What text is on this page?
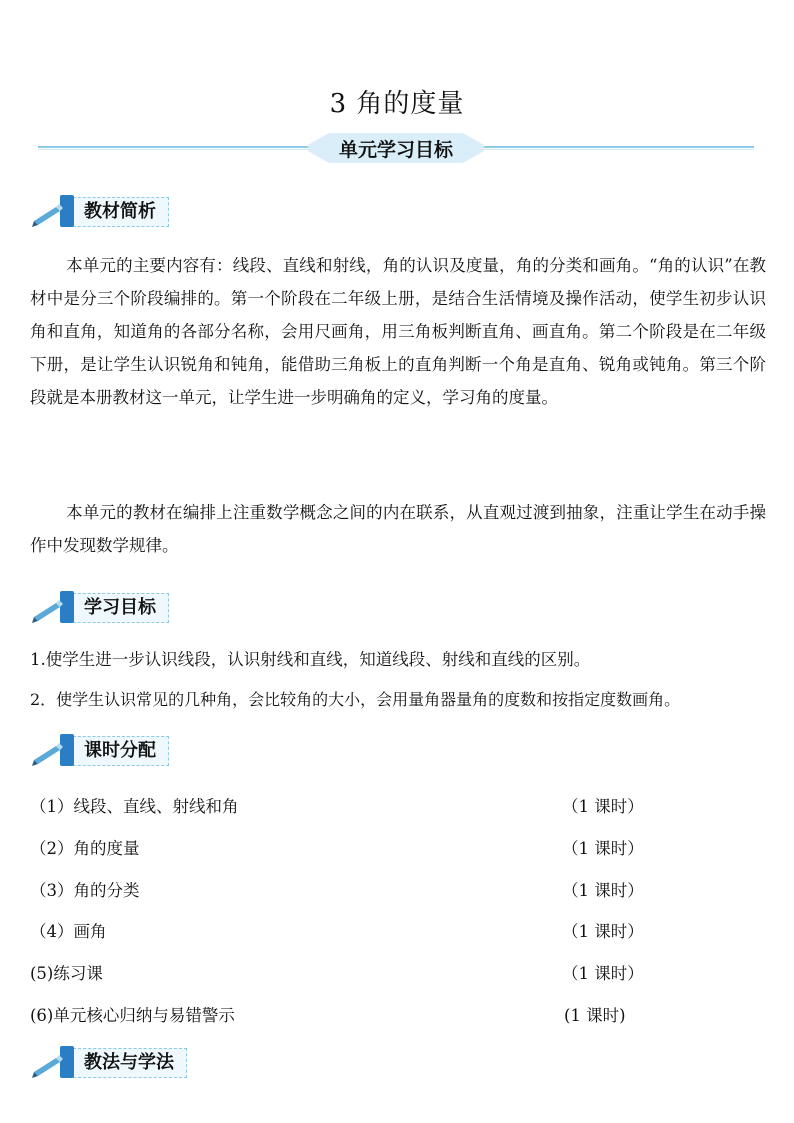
3 角的度量
单元学习目标
教材简析
本单元的主要内容有：线段、直线和射线，角的认识及度量，角的分类和画角。“角的认识”在教材中是分三个阶段编排的。第一个阶段在二年级上册，是结合生活情境及操作活动，使学生初步认识角和直角，知道角的各部分名称，会用尺画角，用三角板判断直角、画直角。第二个阶段是在二年级下册，是让学生认识锐角和钝角，能借助三角板上的直角判断一个角是直角、锐角或钝角。第三个阶段就是本册教材这一单元，让学生进一步明确角的定义，学习角的度量。
本单元的教材在编排上注重数学概念之间的内在联系，从直观过渡到抽象，注重让学生在动手操作中发现数学规律。
学习目标
1.使学生进一步认识线段，认识射线和直线，知道线段、射线和直线的区别。
2．使学生认识常见的几种角，会比较角的大小，会用量角器量角的度数和按指定度数画角。
课时分配
（1）线段、直线、射线和角	（1 课时）
（2）角的度量	（1 课时）
（3）角的分类	（1 课时）
（4）画角	（1 课时）
(5)练习课	（1 课时）
(6)单元核心归纳与易错警示	(1 课时)
教法与学法
